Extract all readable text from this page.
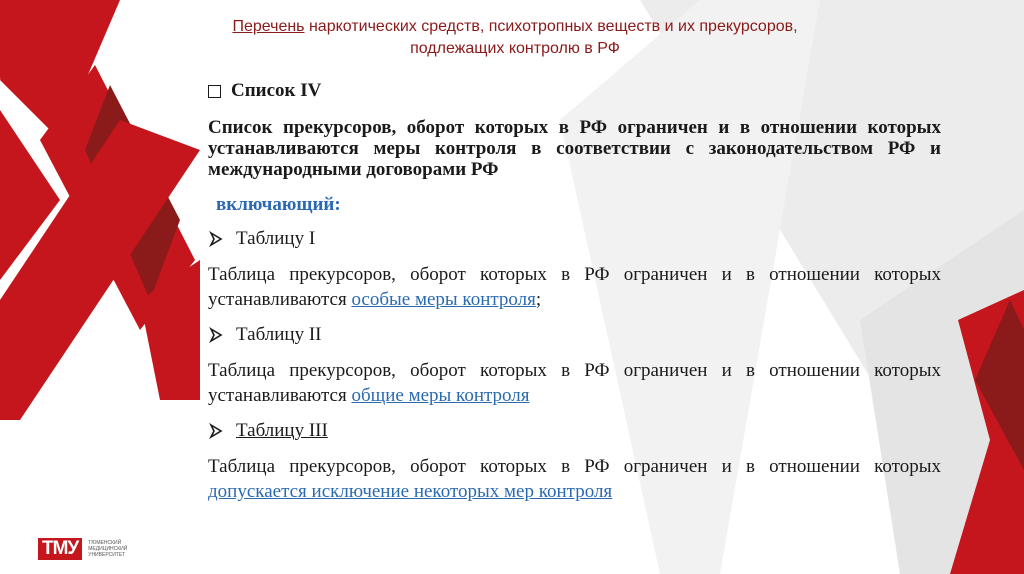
Перечень наркотических средств, психотропных веществ и их прекурсоров,
подлежащих контролю в РФ
Список IV
Список прекурсоров, оборот которых в РФ ограничен и в отношении которых устанавливаются меры контроля в соответствии с законодательством РФ и международными договорами РФ
включающий:
Таблицу I
Таблица прекурсоров, оборот которых в РФ ограничен и в отношении которых устанавливаются особые меры контроля;
Таблицу II
Таблица прекурсоров, оборот которых в РФ ограничен и в отношении которых устанавливаются общие меры контроля
Таблицу III
Таблица прекурсоров, оборот которых в РФ ограничен и в отношении которых допускается исключение некоторых мер контроля
ТМУ	ТЮМЕНСКИЙ МЕДИЦИНСКИЙ УНИВЕРСИТЕТ
